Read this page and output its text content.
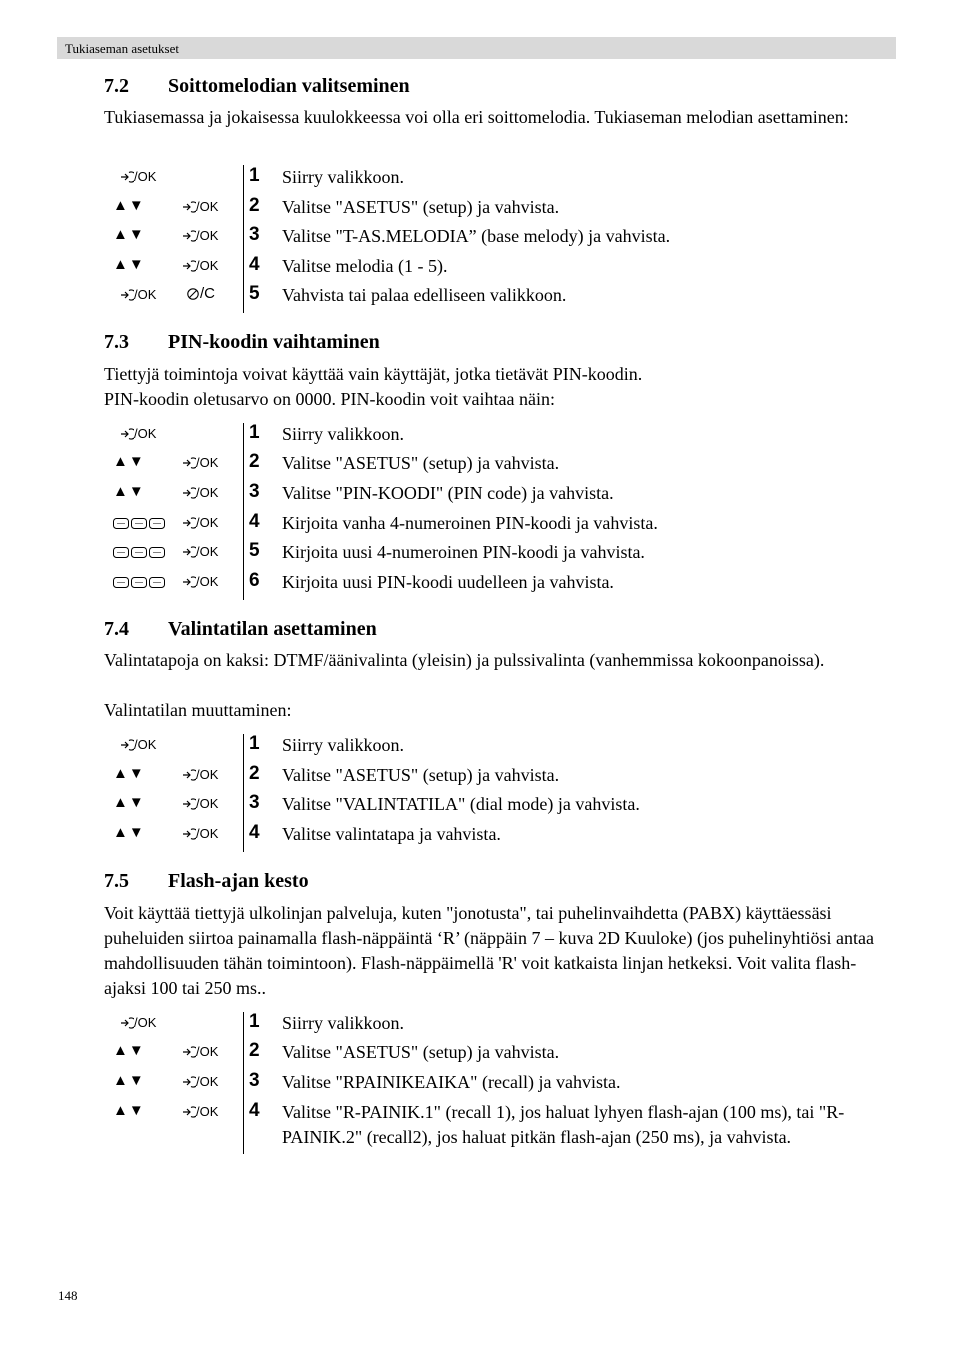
Tukiaseman asetukset
7.2 Soittomelodian valitseminen
Tukiasemassa ja jokaisessa kuulokkeessa voi olla eri soittomelodia. Tukiaseman melodian asettaminen:
/OK	1 Siirry valikkoon.
▲▼	/OK 2 Valitse "ASETUS" (setup) ja vahvista.
▲▼	/OK 3 Valitse "T-AS.MELODIA” (base melody) ja vahvista.
▲▼	/OK 4 Valitse melodia (1 - 5).
/OK	/C 5 Vahvista tai palaa edelliseen valikkoon.
7.3 PIN-koodin vaihtaminen
Tiettyjä toimintoja voivat käyttää vain käyttäjät, jotka tietävät PIN-koodin.
PIN-koodin oletusarvo on 0000. PIN-koodin voit vaihtaa näin:
/OK	1 Siirry valikkoon.
▲▼	/OK 2 Valitse "ASETUS" (setup) ja vahvista.
▲▼	/OK 3 Valitse "PIN-KOODI" (PIN code) ja vahvista.
/OK 4 Kirjoita vanha 4-numeroinen PIN-koodi ja vahvista.
/OK 5 Kirjoita uusi 4-numeroinen PIN-koodi ja vahvista.
/OK 6 Kirjoita uusi PIN-koodi uudelleen ja vahvista.
7.4 Valintatilan asettaminen
Valintatapoja on kaksi: DTMF/äänivalinta (yleisin) ja pulssivalinta (vanhemmissa kokoonpanoissa).
Valintatilan muuttaminen:
/OK	1 Siirry valikkoon.
▲▼	/OK 2 Valitse "ASETUS" (setup) ja vahvista.
▲▼	/OK 3 Valitse "VALINTATILA" (dial mode) ja vahvista.
▲▼	/OK 4 Valitse valintatapa ja vahvista.
7.5 Flash-ajan kesto
Voit käyttää tiettyjä ulkolinjan palveluja, kuten "jonotusta", tai puhelinvaihdetta (PABX) käyttäessäsi puheluiden siirtoa painamalla flash-näppäintä ‘R’ (näppäin 7 – kuva 2D Kuuloke) (jos puhelinyhtiösi antaa mahdollisuuden tähän toimintoon). Flash-näppäimellä 'R' voit katkaista linjan hetkeksi. Voit valita flash-ajaksi 100 tai 250 ms..
/OK	1 Siirry valikkoon.
▲▼	/OK 2 Valitse "ASETUS" (setup) ja vahvista.
▲▼	/OK 3 Valitse "RPAINIKEAIKA" (recall) ja vahvista.
▲▼	/OK 4 Valitse "R-PAINIK.1" (recall 1), jos haluat lyhyen flash-ajan (100 ms), tai "R-PAINIK.2" (recall2), jos haluat pitkän flash-ajan (250 ms), ja vahvista.
148
